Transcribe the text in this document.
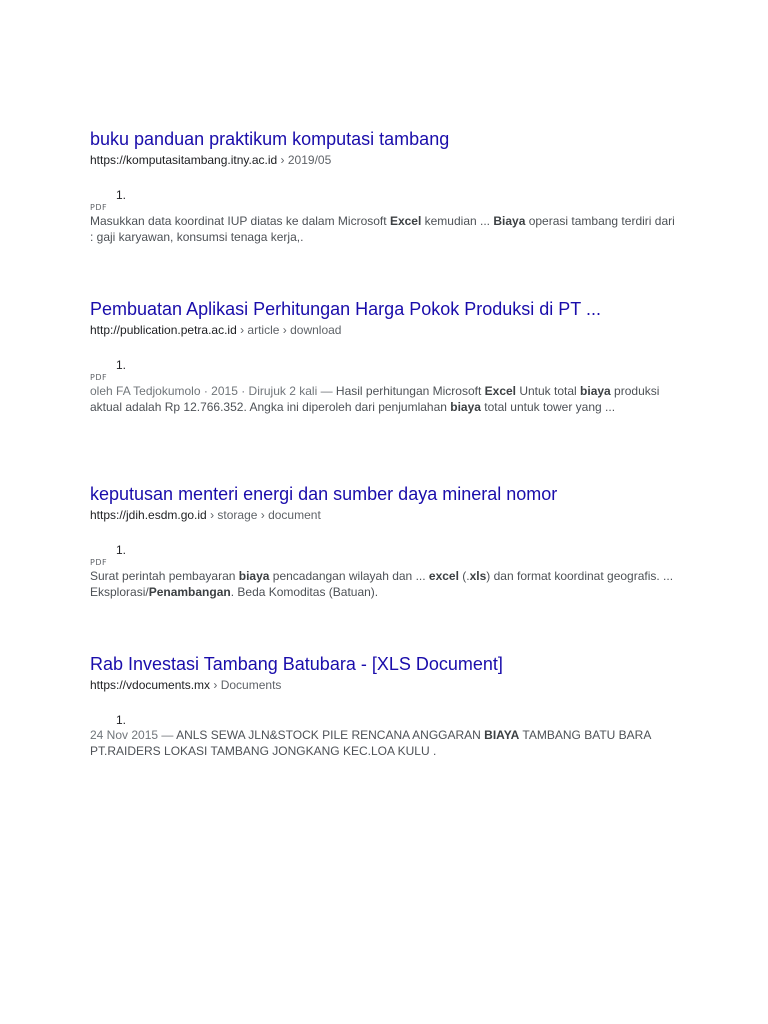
buku panduan praktikum komputasi tambang
https://komputasitambang.itny.ac.id › 2019/05
1.
PDF
Masukkan data koordinat IUP diatas ke dalam Microsoft Excel kemudian ... Biaya operasi tambang terdiri dari : gaji karyawan, konsumsi tenaga kerja,.
Pembuatan Aplikasi Perhitungan Harga Pokok Produksi di PT ...
http://publication.petra.ac.id › article › download
1.
PDF
oleh FA Tedjokumolo · 2015 · Dirujuk 2 kali — Hasil perhitungan Microsoft Excel Untuk total biaya produksi aktual adalah Rp 12.766.352. Angka ini diperoleh dari penjumlahan biaya total untuk tower yang ...
keputusan menteri energi dan sumber daya mineral nomor
https://jdih.esdm.go.id › storage › document
1.
PDF
Surat perintah pembayaran biaya pencadangan wilayah dan ... excel (.xls) dan format koordinat geografis. ... Eksplorasi/Penambangan. Beda Komoditas (Batuan).
Rab Investasi Tambang Batubara - [XLS Document]
https://vdocuments.mx › Documents
1.
24 Nov 2015 — ANLS SEWA JLN&STOCK PILE RENCANA ANGGARAN BIAYA TAMBANG BATU BARA PT.RAIDERS LOKASI TAMBANG JONGKANG KEC.LOA KULU .
